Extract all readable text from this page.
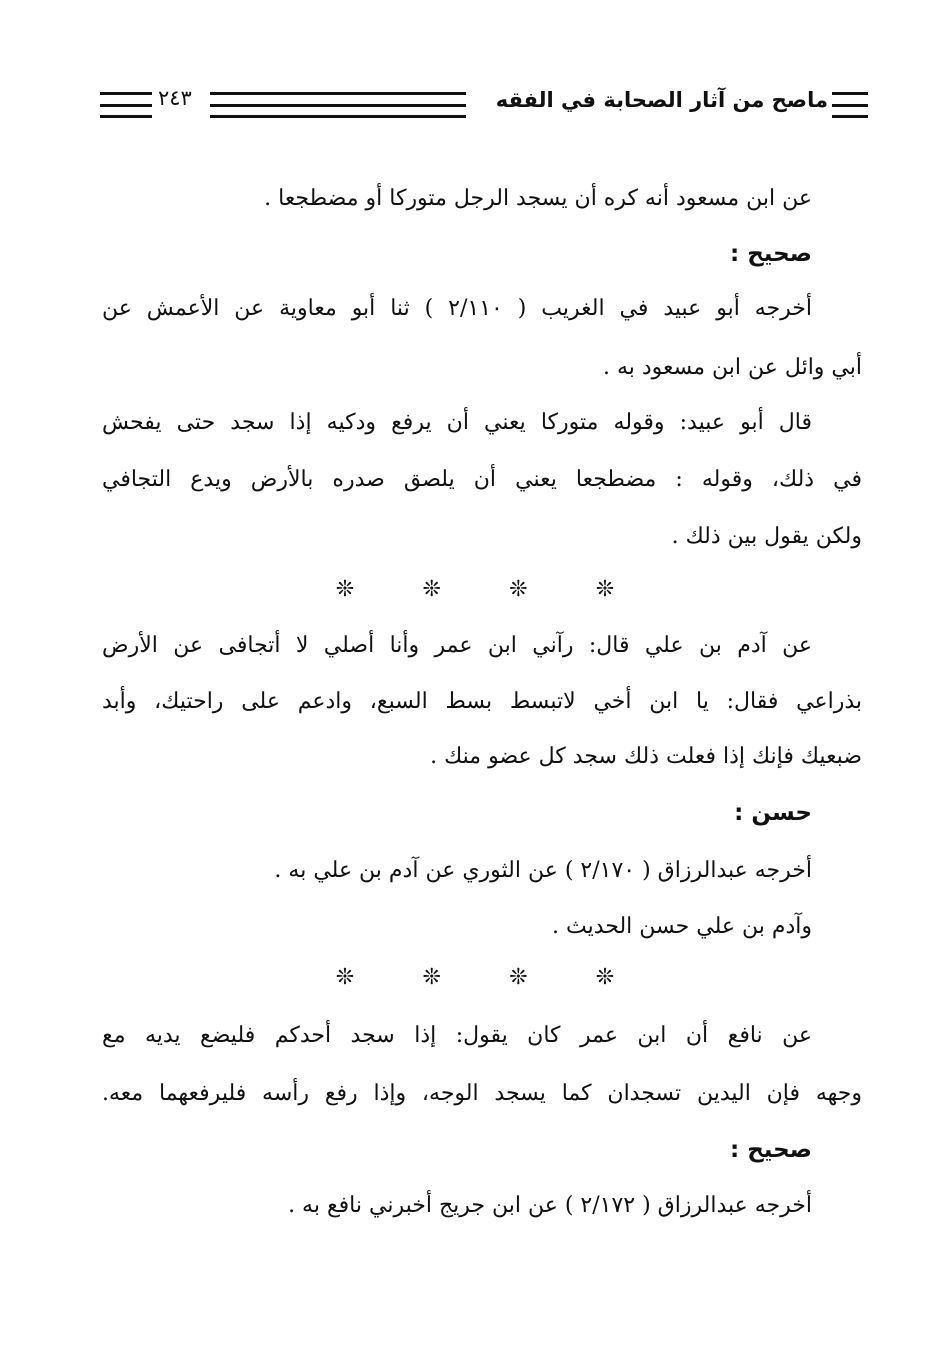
ماصح من آثار الصحابة في الفقه
٢٤٣
عن ابن مسعود أنه كره أن يسجد الرجل متوركا أو مضطجعا .
صحيح :
أخرجه أبو عبيد في الغريب ( ٢/١١٠ ) ثنا أبو معاوية عن الأعمش عن
أبي وائل عن ابن مسعود به .
قال أبو عبيد: وقوله متوركا يعني أن يرفع ودكيه إذا سجد حتى يفحش
في ذلك، وقوله : مضطجعا يعني أن يلصق صدره بالأرض ويدع التجافي
ولكن يقول بين ذلك .
❊	❊	❊	❊
عن آدم بن علي قال: رآني ابن عمر وأنا أصلي لا أتجافى عن الأرض
بذراعي فقال: يا ابن أخي لاتبسط بسط السبع، وادعم على راحتيك، وأبد
ضبعيك فإنك إذا فعلت ذلك سجد كل عضو منك .
حسن :
أخرجه عبدالرزاق ( ٢/١٧٠ ) عن الثوري عن آدم بن علي به .
وآدم بن علي حسن الحديث .
❊	❊	❊	❊
عن نافع أن ابن عمر كان يقول: إذا سجد أحدكم فليضع يديه مع
وجهه فإن اليدين تسجدان كما يسجد الوجه، وإذا رفع رأسه فليرفعهما معه.
صحيح :
أخرجه عبدالرزاق ( ٢/١٧٢ ) عن ابن جريج أخبرني نافع به .
